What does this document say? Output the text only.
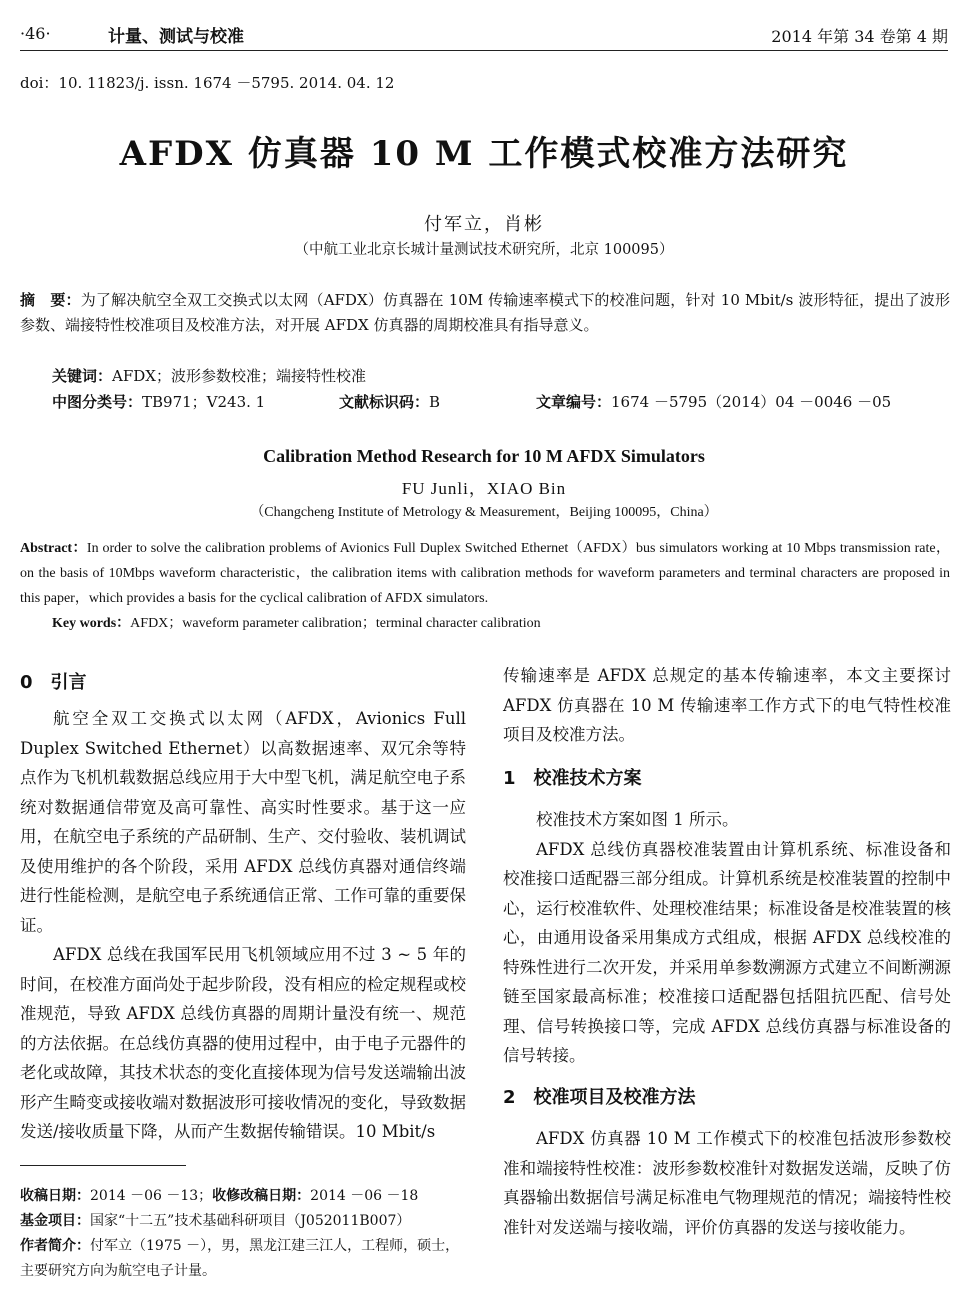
·46·	计量、测试与校准	2014 年第 34 卷第 4 期
doi：10. 11823/j. issn. 1674 －5795. 2014. 04. 12
AFDX 仿真器 10 M 工作模式校准方法研究
付军立，肖彬
（中航工业北京长城计量测试技术研究所，北京 100095）
摘　要：为了解决航空全双工交换式以太网（AFDX）仿真器在 10M 传输速率模式下的校准问题，针对 10 Mbit/s 波形特征，提出了波形参数、端接特性校准项目及校准方法，对开展 AFDX 仿真器的周期校准具有指导意义。
关键词：AFDX；波形参数校准；端接特性校准
中图分类号：TB971；V243. 1	文献标识码：B	文章编号：1674 －5795（2014）04 －0046 －05
Calibration Method Research for 10 M AFDX Simulators
FU Junli，XIAO Bin
（Changcheng Institute of Metrology & Measurement，Beijing 100095，China）
Abstract：In order to solve the calibration problems of Avionics Full Duplex Switched Ethernet（AFDX）bus simulators working at 10 Mbps transmission rate，on the basis of 10Mbps waveform characteristic，the calibration items with calibration methods for waveform parameters and terminal characters are proposed in this paper，which provides a basis for the cyclical calibration of AFDX simulators.
Key words：AFDX；waveform parameter calibration；terminal character calibration
0　引言

航空全双工交换式以太网（AFDX，Avionics Full Duplex Switched Ethernet）以高数据速率、双冗余等特点作为飞机机载数据总线应用于大中型飞机，满足航空电子系统对数据通信带宽及高可靠性、高实时性要求。基于这一应用，在航空电子系统的产品研制、生产、交付验收、装机调试及使用维护的各个阶段，采用 AFDX 总线仿真器对通信终端进行性能检测，是航空电子系统通信正常、工作可靠的重要保证。

AFDX 总线在我国军民用飞机领域应用不过 3 ~ 5 年的时间，在校准方面尚处于起步阶段，没有相应的检定规程或校准规范，导致 AFDX 总线仿真器的周期计量没有统一、规范的方法依据。在总线仿真器的使用过程中，由于电子元器件的老化或故障，其技术状态的变化直接体现为信号发送端输出波形产生畸变或接收端对数据波形可接收情况的变化，导致数据发送/接收质量下降，从而产生数据传输错误。10 Mbit/s

传输速率是 AFDX 总规定的基本传输速率，本文主要探讨 AFDX 仿真器在 10 M 传输速率工作方式下的电气特性校准项目及校准方法。

1　校准技术方案

校准技术方案如图 1 所示。

AFDX 总线仿真器校准装置由计算机系统、标准设备和校准接口适配器三部分组成。计算机系统是校准装置的控制中心，运行校准软件、处理校准结果；标准设备是校准装置的核心，由通用设备采用集成方式组成，根据 AFDX 总线校准的特殊性进行二次开发，并采用单参数溯源方式建立不间断溯源链至国家最高标准；校准接口适配器包括阻抗匹配、信号处理、信号转换接口等，完成 AFDX 总线仿真器与标准设备的信号转接。

2　校准项目及校准方法

AFDX 仿真器 10 M 工作模式下的校准包括波形参数校准和端接特性校准：波形参数校准针对数据发送端，反映了仿真器输出数据信号满足标准电气物理规范的情况；端接特性校准针对发送端与接收端，评价仿真器的发送与接收能力。

收稿日期：2014 －06 －13；收修改稿日期：2014 －06 －18
基金项目：国家“十二五”技术基础科研项目（J052011B007）
作者简介：付军立（1975 －），男，黑龙江建三江人，工程师，硕士，主要研究方向为航空电子计量。
